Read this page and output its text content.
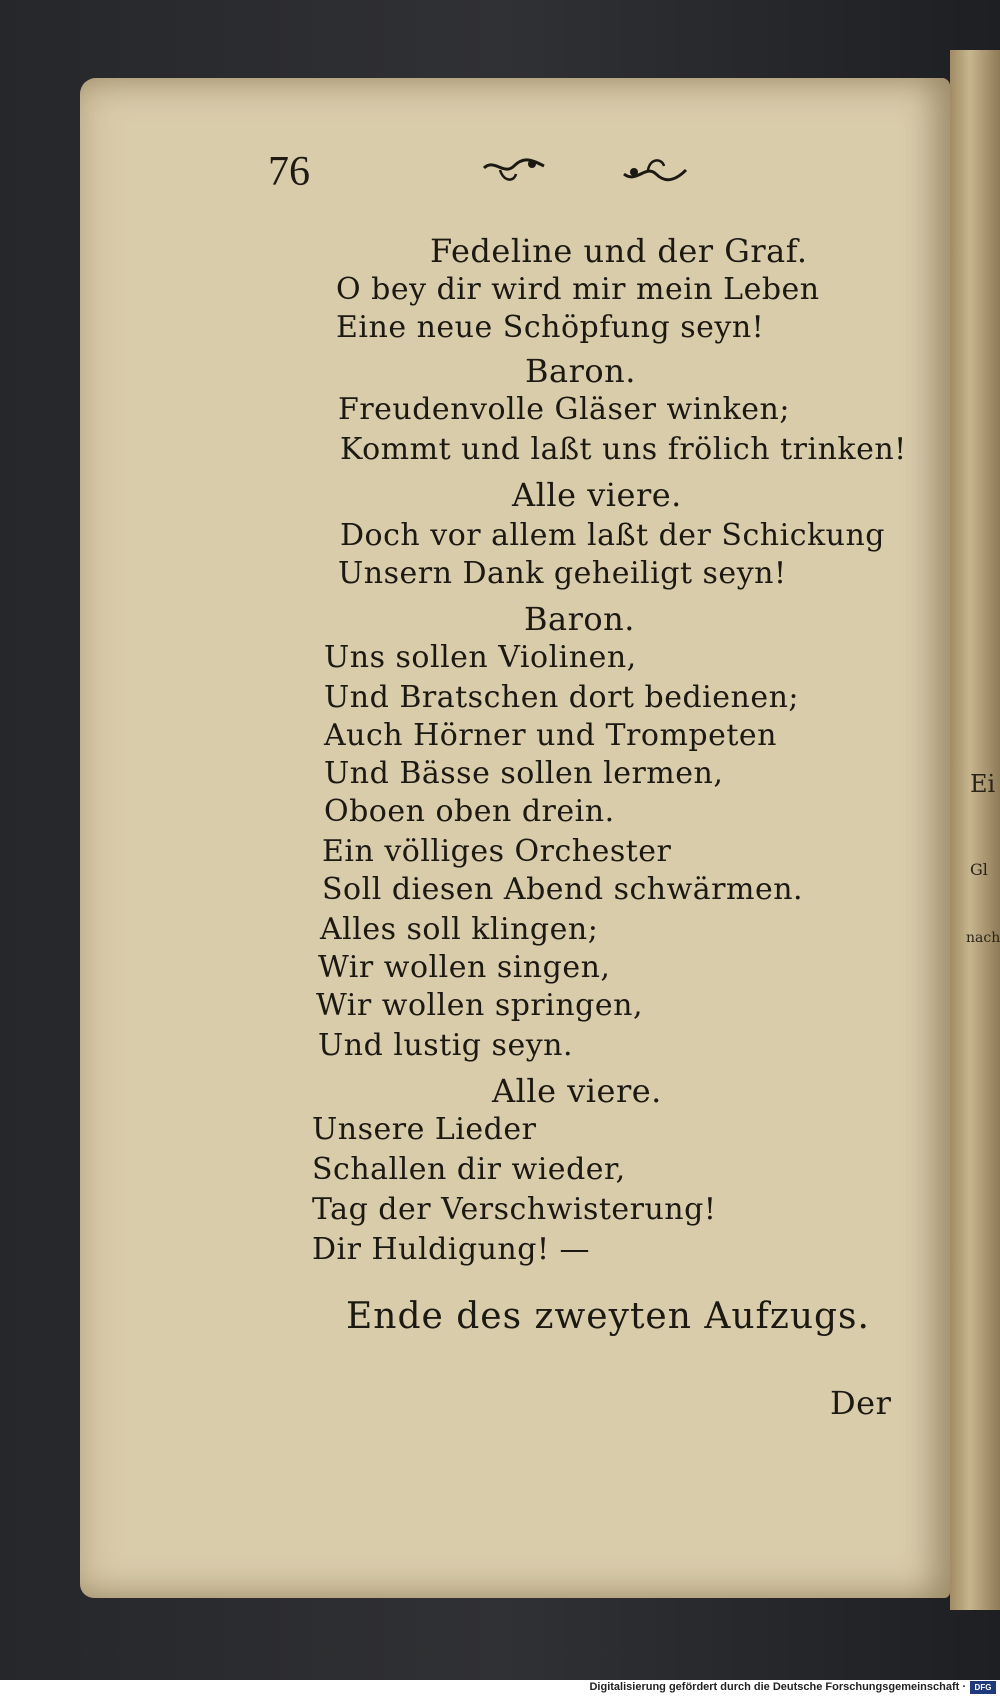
Ei
Gl
nach
76
Fedeline und der Graf.
O bey dir wird mir mein Leben
Eine neue Schöpfung seyn!
Baron.
Freudenvolle Gläser winken;
Kommt und laßt uns frölich trinken!
Alle viere.
Doch vor allem laßt der Schickung
Unsern Dank geheiligt seyn!
Baron.
Uns sollen Violinen,
Und Bratschen dort bedienen;
Auch Hörner und Trompeten
Und Bässe sollen lermen,
Oboen oben drein.
Ein völliges Orchester
Soll diesen Abend schwärmen.
Alles soll klingen;
Wir wollen singen,
Wir wollen springen,
Und lustig seyn.
Alle viere.
Unsere Lieder
Schallen dir wieder,
Tag der Verschwisterung!
Dir Huldigung! —
Ende des zweyten Aufzugs.
Der
Digitalisierung gefördert durch die Deutsche Forschungsgemeinschaft ·	DFG
